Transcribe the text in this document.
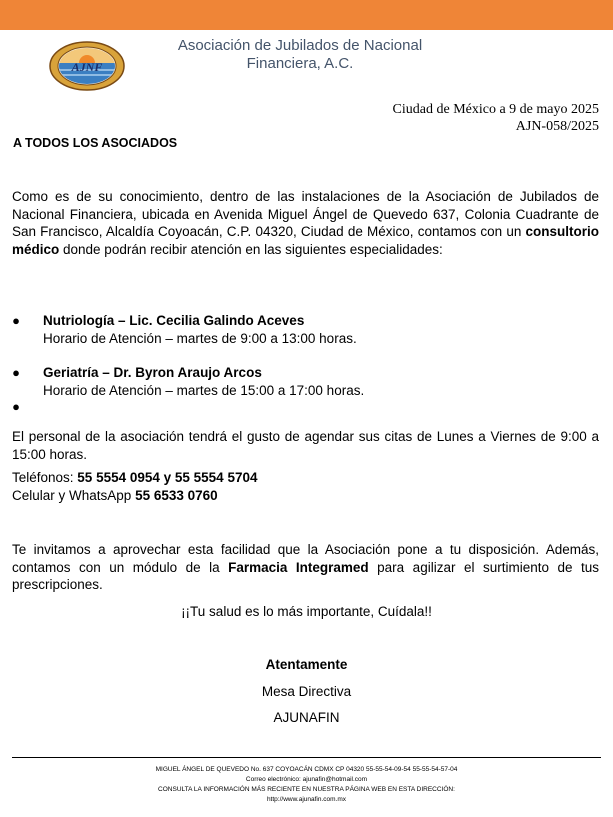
AJNF
Asociación de Jubilados de Nacional
Financiera, A.C.
Ciudad de México a 9 de mayo 2025
AJN-058/2025
A TODOS LOS ASOCIADOS
Como es de su conocimiento, dentro de las instalaciones de la Asociación de Jubilados de Nacional Financiera, ubicada en Avenida Miguel Ángel de Quevedo 637, Colonia Cuadrante de San Francisco, Alcaldía Coyoacán, C.P. 04320, Ciudad de México, contamos con un consultorio médico donde podrán recibir atención en las siguientes especialidades:
● Nutriología – Lic. Cecilia Galindo Aceves
Horario de Atención – martes de 9:00 a 13:00 horas.
● Geriatría – Dr. Byron Araujo Arcos
Horario de Atención – martes de 15:00 a 17:00 horas.
●
El personal de la asociación tendrá el gusto de agendar sus citas de Lunes a Viernes de 9:00 a 15:00 horas.
Teléfonos: 55 5554 0954 y 55 5554 5704
Celular y WhatsApp 55 6533 0760
Te invitamos a aprovechar esta facilidad que la Asociación pone a tu disposición. Además, contamos con un módulo de la Farmacia Integramed para agilizar el surtimiento de tus prescripciones.
¡¡Tu salud es lo más importante, Cuídala!!
Atentamente
Mesa Directiva
AJUNAFIN
MIGUEL ÁNGEL DE QUEVEDO No. 637 COYOACÁN CDMX CP 04320 55-55-54-09-54 55-55-54-57-04
Correo electrónico: ajunafin@hotmail.com
CONSULTA LA INFORMACIÓN MÁS RECIENTE EN NUESTRA PÁGINA WEB EN ESTA DIRECCIÓN:
http://www.ajunafin.com.mx
